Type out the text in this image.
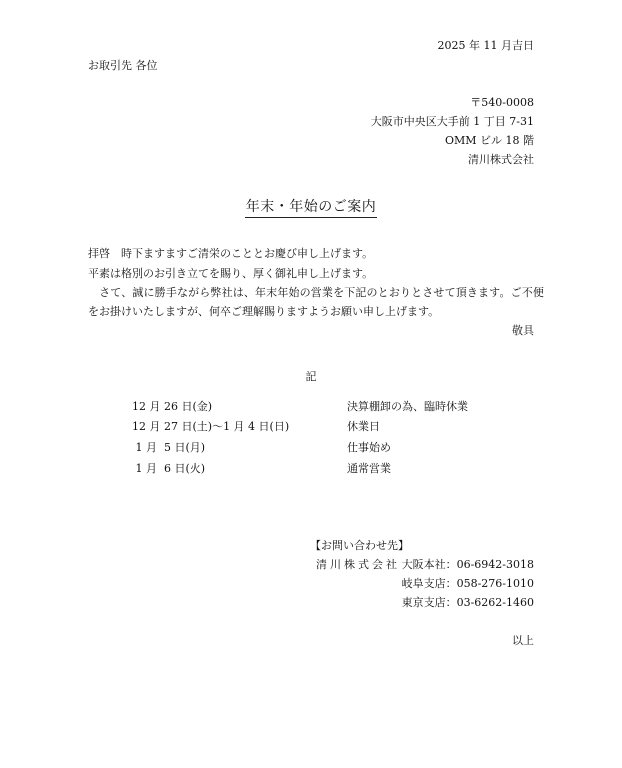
2025 年 11 月吉日
お取引先 各位
〒540-0008
大阪市中央区大手前 1 丁目 7-31
OMM ビル 18 階
清川株式会社
年末・年始のご案内
拝啓　時下ますますご清栄のこととお慶び申し上げます。
平素は格別のお引き立てを賜り、厚く御礼申し上げます。
　さて、誠に勝手ながら弊社は、年末年始の営業を下記のとおりとさせて頂きます。ご不便
をお掛けいたしますが、何卒ご理解賜りますようお願い申し上げます。
敬具
記
12 月 26 日(金)	決算棚卸の為、臨時休業
12 月 27 日(土)～1 月 4 日(日)	休業日
1 月  5 日(月)	仕事始め
1 月  6 日(火)	通常営業
【お問い合わせ先】
清川株式会社 大阪本社：06-6942-3018
岐阜支店：058-276-1010
東京支店：03-6262-1460
以上
